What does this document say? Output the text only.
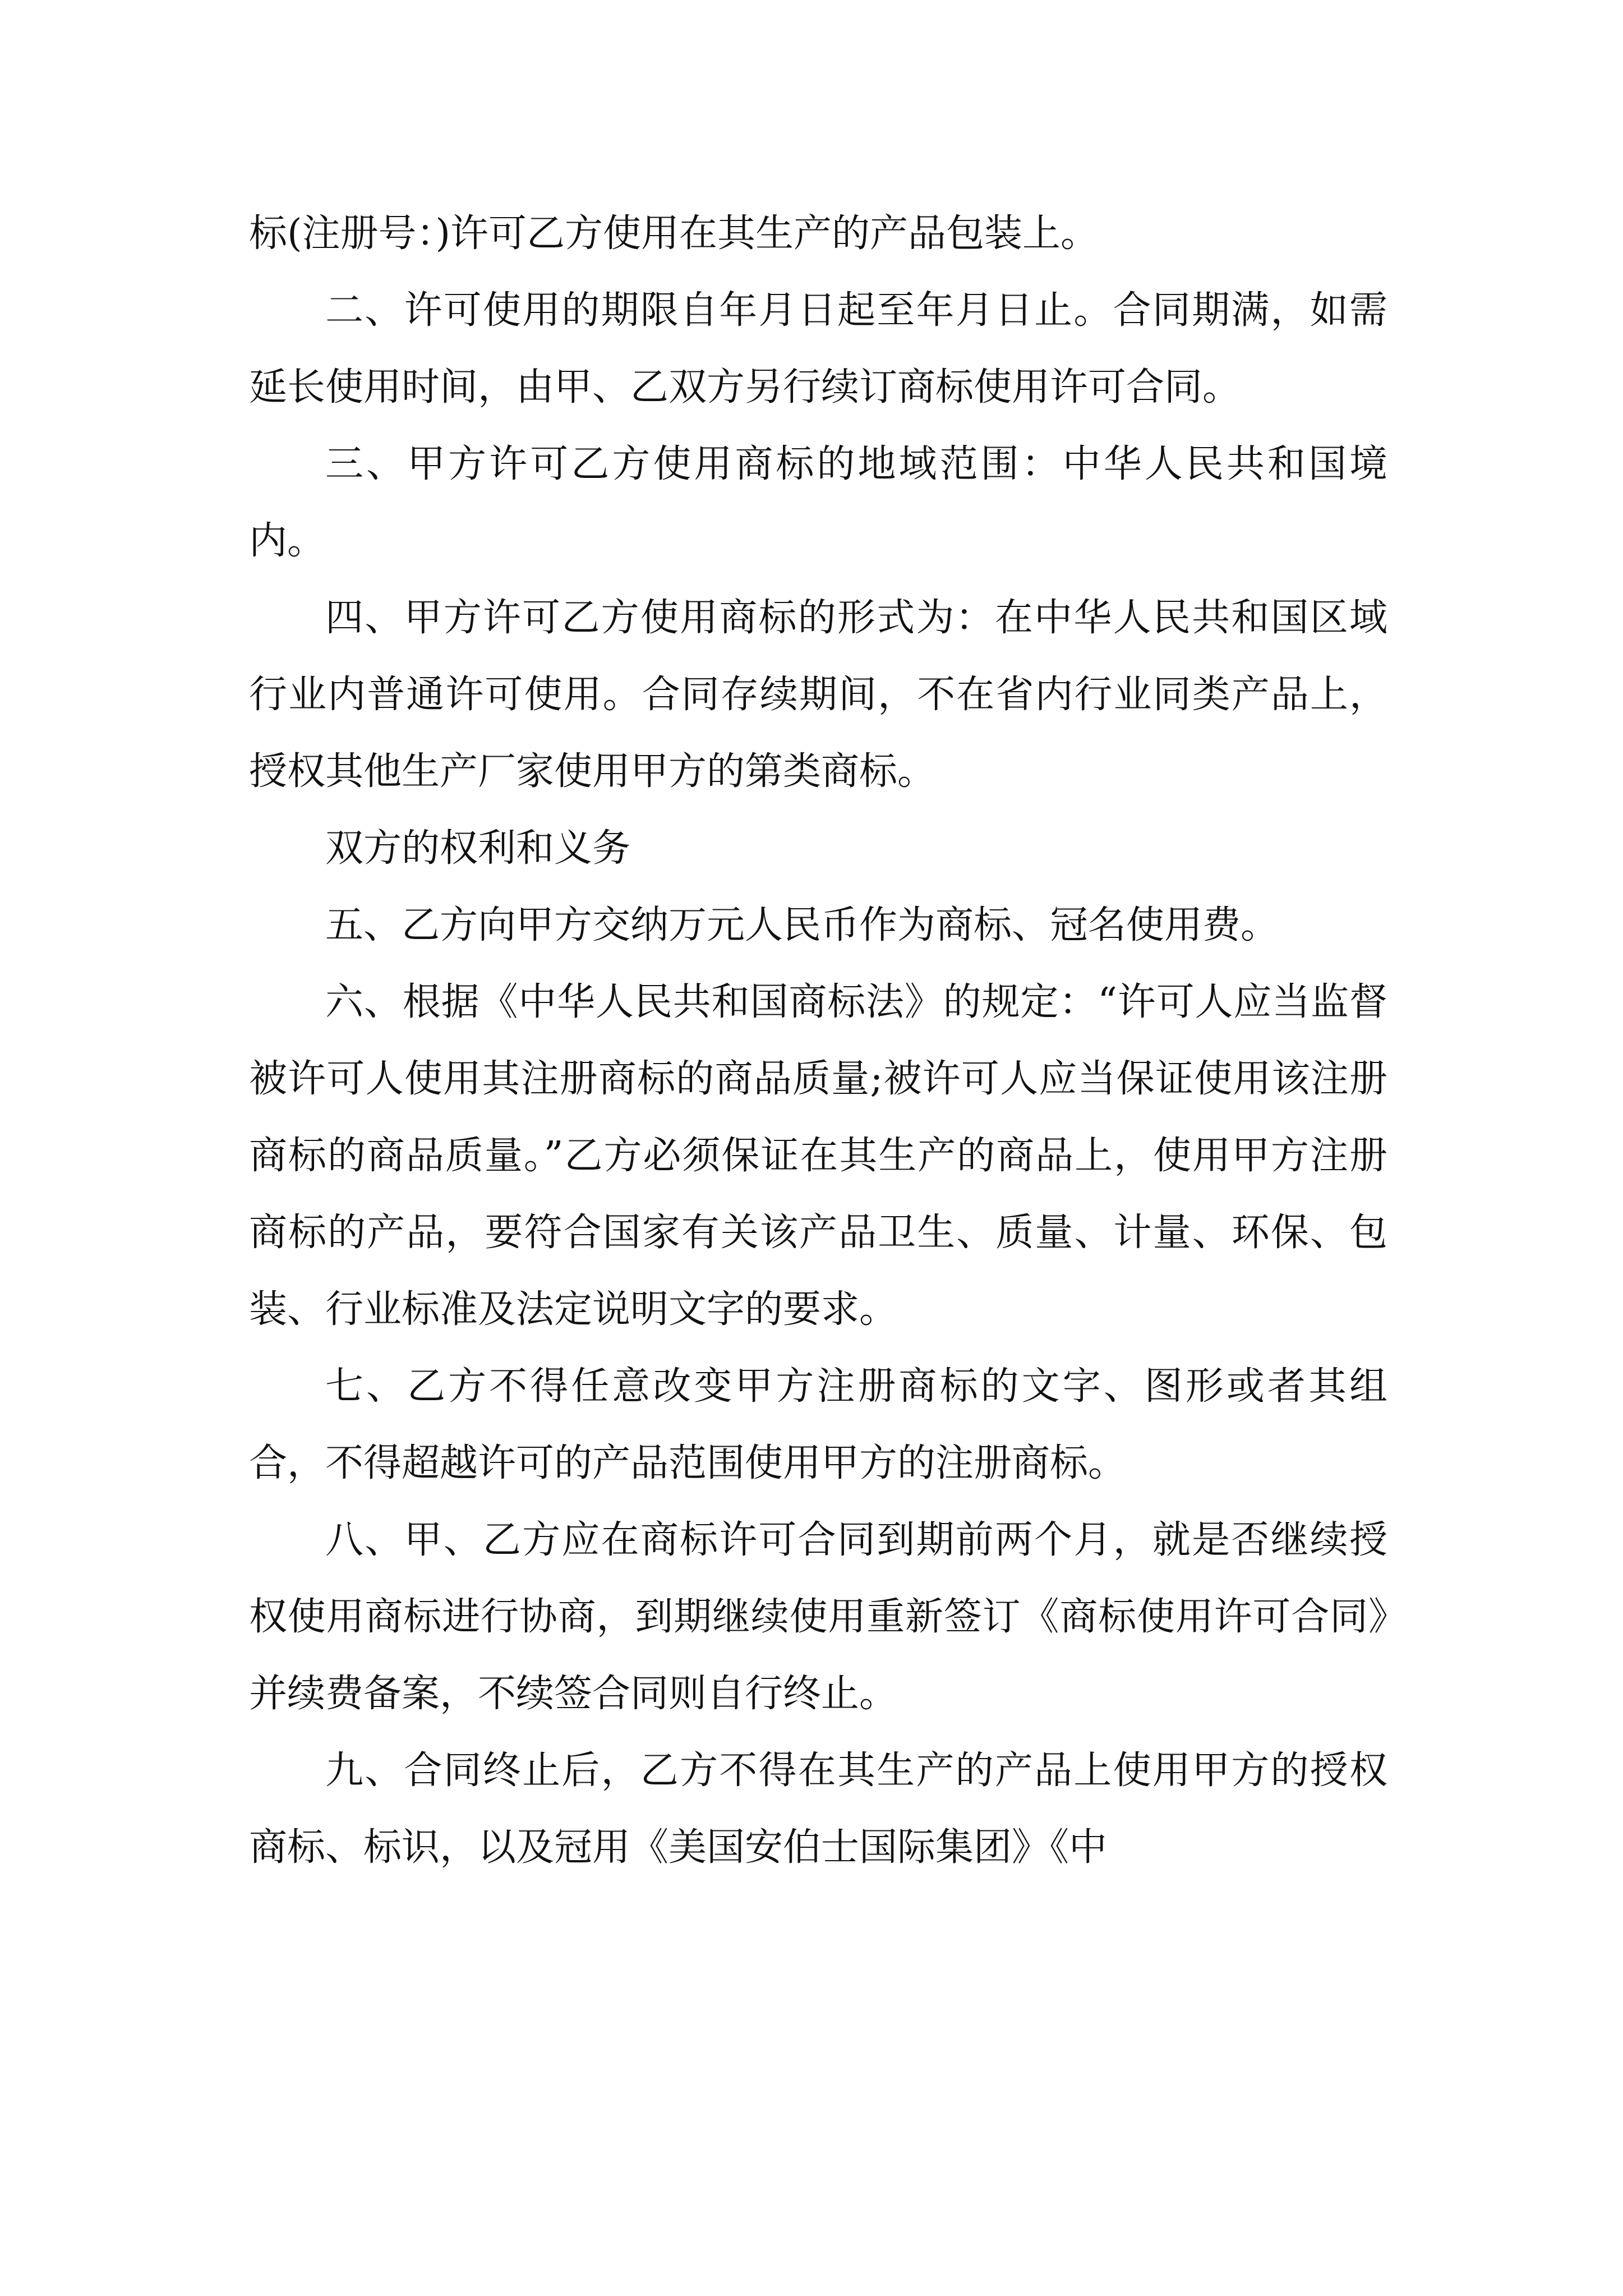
标(注册号：)许可乙方使用在其生产的产品包装上。

二、许可使用的期限自年月日起至年月日止。合同期满，如需延长使用时间，由甲、乙双方另行续订商标使用许可合同。

三、甲方许可乙方使用商标的地域范围：中华人民共和国境内。

四、甲方许可乙方使用商标的形式为：在中华人民共和国区域行业内普通许可使用。合同存续期间，不在省内行业同类产品上，授权其他生产厂家使用甲方的第类商标。

双方的权利和义务

五、乙方向甲方交纳万元人民币作为商标、冠名使用费。

六、根据《中华人民共和国商标法》的规定：“许可人应当监督被许可人使用其注册商标的商品质量;被许可人应当保证使用该注册商标的商品质量。”乙方必须保证在其生产的商品上，使用甲方注册商标的产品，要符合国家有关该产品卫生、质量、计量、环保、包装、行业标准及法定说明文字的要求。

七、乙方不得任意改变甲方注册商标的文字、图形或者其组合，不得超越许可的产品范围使用甲方的注册商标。

八、甲、乙方应在商标许可合同到期前两个月，就是否继续授权使用商标进行协商，到期继续使用重新签订《商标使用许可合同》并续费备案，不续签合同则自行终止。

九、合同终止后，乙方不得在其生产的产品上使用甲方的授权商标、标识，以及冠用《美国安伯士国际集团》《中
